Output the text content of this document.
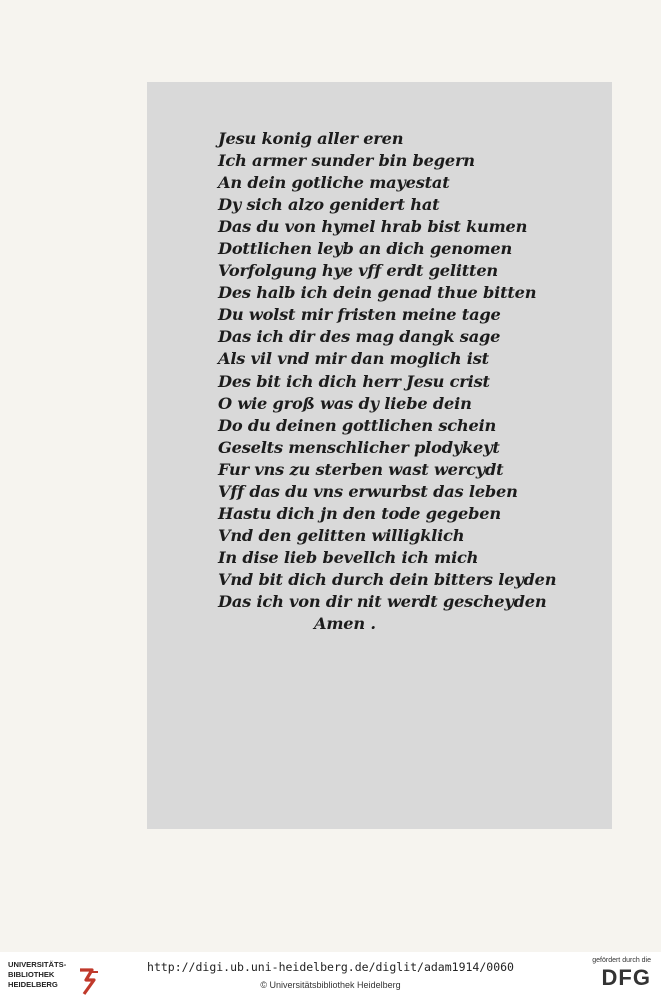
Jesu konig aller eren
Ich armer sunder bin begern
An dein gotliche mayestat
Dy sich alzo genidert hat
Das du von hymel hrab bist kumen
Dottlichen leyb an dich genomen
Vorfolgung hye vff erdt gelitten
Des halb ich dein genad thue bitten
Du wolst mir fristen meine tage
Das ich dir des mag dangk sage
Als vil vnd mir dan moglich ist
Des bit ich dich herr Jesu crist
O wie groß was dy liebe dein
Do du deinen gottlichen schein
Geselts menschlicher plodykeyt
Fur vns zu sterben wast wercydt
Vff das du vns erwurbst das leben
Hastu dich jn den tode gegeben
Vnd den gelitten willigklich
In dise lieb bevellch ich mich
Vnd bit dich durch dein bitters leyden
Das ich von dir nit werdt gescheyden
Amen .
UNIVERSITÄTS-
BIBLIOTHEK
HEIDELBERG
http://digi.ub.uni-heidelberg.de/diglit/adam1914/0060
© Universitätsbibliothek Heidelberg
gefördert durch die
DFG
